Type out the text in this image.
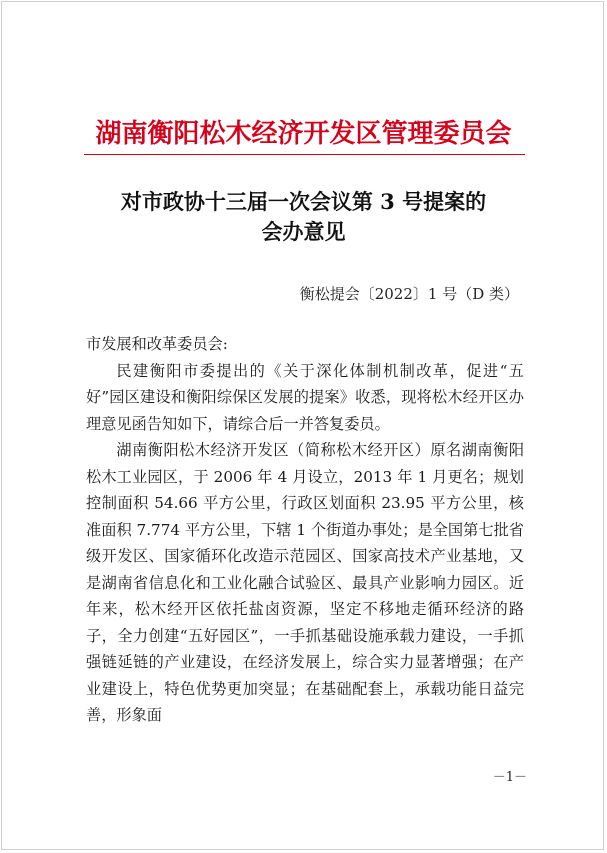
湖南衡阳松木经济开发区管理委员会
对市政协十三届一次会议第 3 号提案的
会办意见
衡松提会〔2022〕1 号（D 类）

市发展和改革委员会:

民建衡阳市委提出的《关于深化体制机制改革，促进“五好”园区建设和衡阳综保区发展的提案》收悉，现将松木经开区办理意见函告知如下，请综合后一并答复委员。

湖南衡阳松木经济开发区（简称松木经开区）原名湖南衡阳松木工业园区，于 2006 年 4 月设立，2013 年 1 月更名；规划控制面积 54.66 平方公里，行政区划面积 23.95 平方公里，核准面积 7.774 平方公里，下辖 1 个街道办事处；是全国第七批省级开发区、国家循环化改造示范园区、国家高技术产业基地，又是湖南省信息化和工业化融合试验区、最具产业影响力园区。近年来，松木经开区依托盐卤资源，坚定不移地走循环经济的路子，全力创建“五好园区”，一手抓基础设施承载力建设，一手抓强链延链的产业建设，在经济发展上，综合实力显著增强；在产业建设上，特色优势更加突显；在基础配套上，承载功能日益完善，形象面

－1－
